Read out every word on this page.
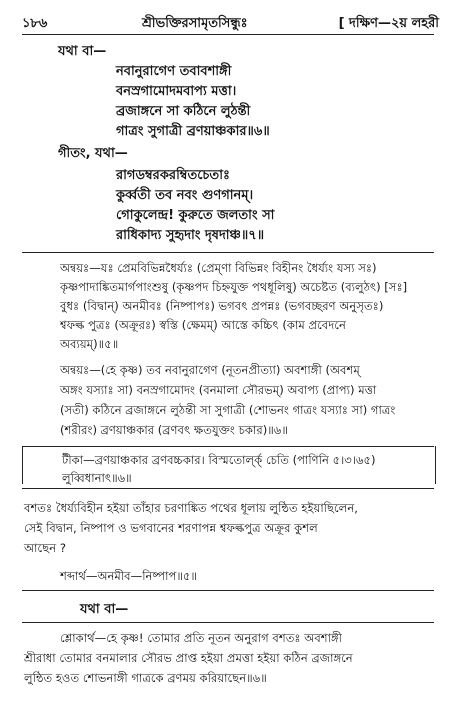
১৮৬	শ্রীভক্তিরসামৃতসিন্ধুঃ	[ দক্ষিণ—২য় লহরী
যথা বা—
নবানুরাগেণ তবাবশাঙ্গী
বনস্রগামোদমবাপ্য মত্তা।
ব্রজাঙ্গনে সা কঠিনে লুঠন্তী
গাত্রং সুগাত্রী ব্রণয়াঞ্চকার॥৬॥
গীতং, যথা—
রাগডম্বরকরম্বিতচেতাঃ
কুর্ব্বতী তব নবং গুণগানম্।
গোকুলেন্দ্র! কুরুতে জলতাং সা
রাধিকাদ্য সুহৃদাং দৃষদাঞ্চ॥৭॥
অন্বয়ঃ—যঃ প্রেমবিভিন্নধৈর্য্যঃ (প্রেম্ণা বিভিন্নং বিহীনং ধৈর্য্যং যস্য সঃ)
কৃষ্ণপাদাঙ্কিতমার্গপাংশুষু (কৃষ্ণপদ চিহ্নযুক্ত পথধূলিষু) অচেষ্টত (ব্যলুঠৎ) [সঃ]
বুধঃ (বিদ্বান্) অনমীবঃ (নিষ্পাপঃ) ভগবৎ প্রপন্নঃ (ভগবচ্ছরণ অনুসৃতঃ)
শ্বফল্ক পুত্রঃ (অক্রূরঃ) স্বস্তি (ক্ষেমম্) আস্তে কচ্চিৎ (কাম প্রবেদনে
অব্যয়ম্)॥৫॥
অন্বয়ঃ—(হে কৃষ্ণ) তব নবানুরাগেণ (নূতনপ্রীত্যা) অবশাঙ্গী (অবশম্
অঙ্গং যস্যাঃ সা) বনস্রগামোদং (বনমালা সৌরভম্) অবাপ্য (প্রাপ্য) মত্তা
(সতী) কঠিনে ব্রজাঙ্গনে লুঠন্তী সা সুগাত্রী (শোভনং গাত্রং যস্যাঃ সা) গাত্রং
(শরীরং) ব্রণয়াঞ্চকার (ব্রণবৎ ক্ষতযুক্তং চকার)॥৬॥
টীকা—ব্রণয়াঞ্চকার ব্রণবচ্চকার। বিস্মতোর্ল্ক্‌ চেতি (পাণিনি ৫।৩।৬৫)
লুব্বিধানাৎ॥৬॥
বশতঃ ধৈর্য্যবিহীন হইয়া তাঁহার চরণাঙ্কিত পথের ধূলায় লুন্ঠিত হইয়াছিলেন,
সেই বিদ্বান, নিষ্পাপ ও ভগবানের শরণাপন্ন শ্বফল্কপুত্র অক্রূর কুশল
আছেন ?
শব্দার্থ—অনমীব—নিষ্পাপ॥৫॥
যথা বা—
শ্লোকার্থ—হে কৃষ্ণ! তোমার প্রতি নূতন অনুরাগ বশতঃ অবশাঙ্গী
শ্রীরাধা তোমার বনমালার সৌরভ প্রাপ্ত হইয়া প্রমত্তা হইয়া কঠিন ব্রজাঙ্গনে
লুন্ঠিত হওত শোভনাঙ্গী গাত্রকে ব্রণময় করিয়াছেন॥৬॥
